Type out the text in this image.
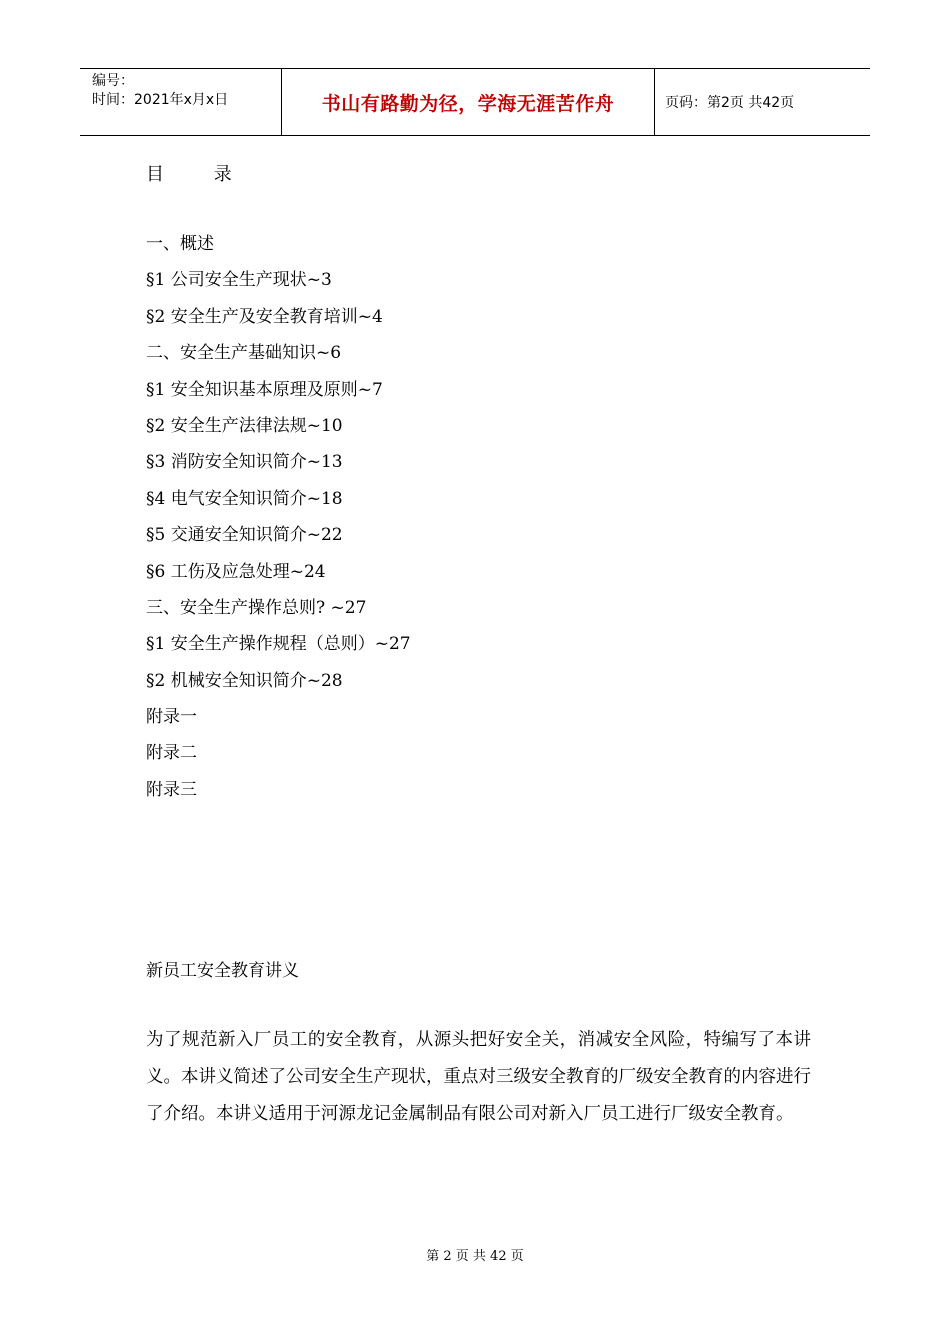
编号：
时间：2021年x月x日	书山有路勤为径，学海无涯苦作舟	页码：第2页 共42页
目 录
一、概述
§1 公司安全生产现状~3
§2 安全生产及安全教育培训~4
二、安全生产基础知识~6
§1 安全知识基本原理及原则~7
§2 安全生产法律法规~10
§3 消防安全知识简介~13
§4 电气安全知识简介~18
§5 交通安全知识简介~22
§6 工伤及应急处理~24
三、安全生产操作总则? ~27
§1 安全生产操作规程（总则）~27
§2 机械安全知识简介~28
附录一
附录二
附录三
新员工安全教育讲义

为了规范新入厂员工的安全教育，从源头把好安全关，消减安全风险，特编写了本讲义。本讲义简述了公司安全生产现状，重点对三级安全教育的厂级安全教育的内容进行了介绍。本讲义适用于河源龙记金属制品有限公司对新入厂员工进行厂级安全教育。

第 2 页 共 42 页
